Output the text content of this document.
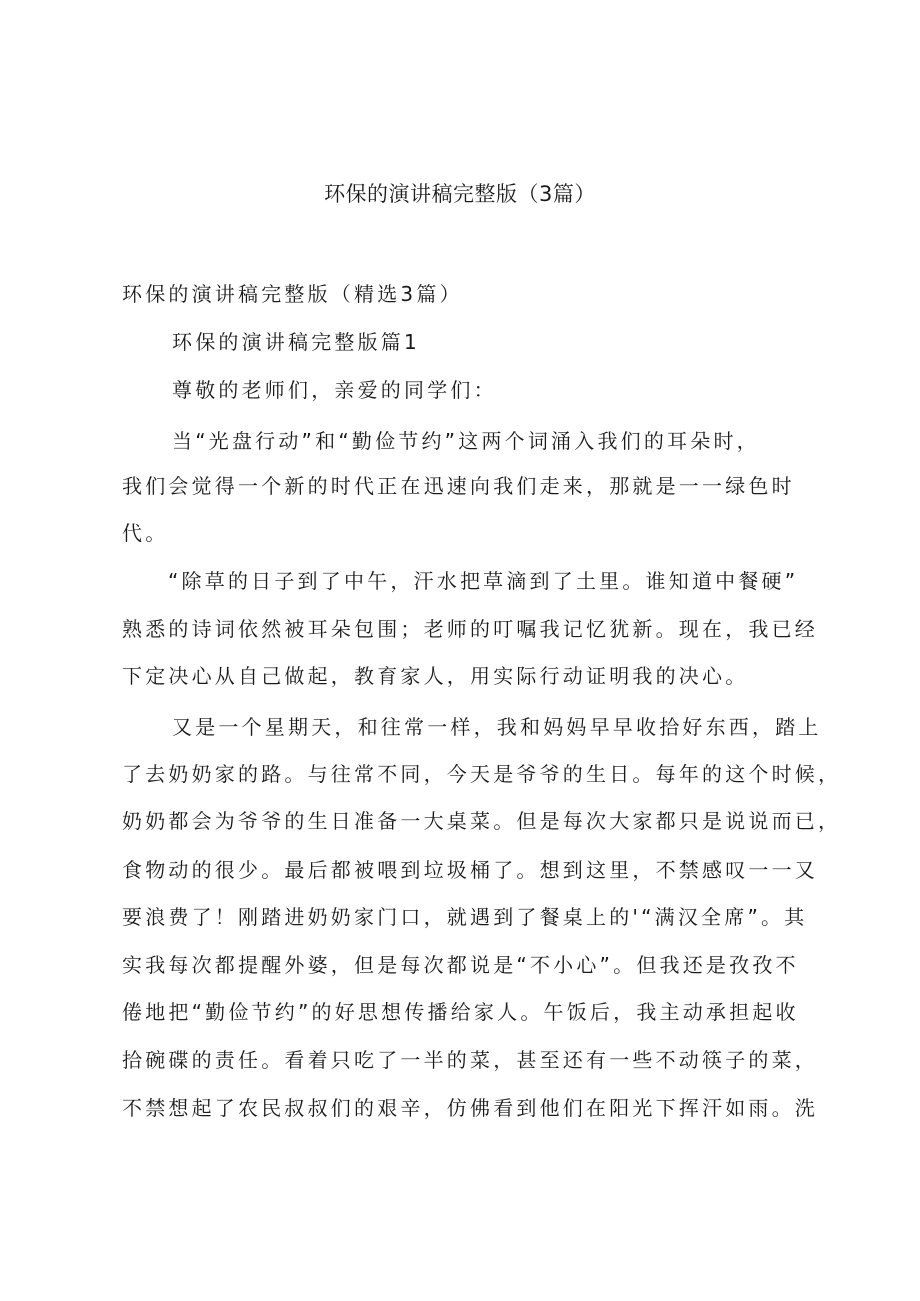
环保的演讲稿完整版（3篇）
环保的演讲稿完整版（精选3篇）
环保的演讲稿完整版篇1
尊敬的老师们，亲爱的同学们：
当“光盘行动”和“勤俭节约”这两个词涌入我们的耳朵时，
我们会觉得一个新的时代正在迅速向我们走来，那就是一一绿色时
代。
“除草的日子到了中午，汗水把草滴到了土里。谁知道中餐硬”
熟悉的诗词依然被耳朵包围；老师的叮嘱我记忆犹新。现在，我已经
下定决心从自己做起，教育家人，用实际行动证明我的决心。
又是一个星期天，和往常一样，我和妈妈早早收拾好东西，踏上
了去奶奶家的路。与往常不同，今天是爷爷的生日。每年的这个时候，
奶奶都会为爷爷的生日准备一大桌菜。但是每次大家都只是说说而已，
食物动的很少。最后都被喂到垃圾桶了。想到这里，不禁感叹一一又
要浪费了！刚踏进奶奶家门口，就遇到了餐桌上的'“满汉全席”。其
实我每次都提醒外婆，但是每次都说是“不小心”。但我还是孜孜不
倦地把“勤俭节约”的好思想传播给家人。午饭后，我主动承担起收
拾碗碟的责任。看着只吃了一半的菜，甚至还有一些不动筷子的菜，
不禁想起了农民叔叔们的艰辛，仿佛看到他们在阳光下挥汗如雨。洗
